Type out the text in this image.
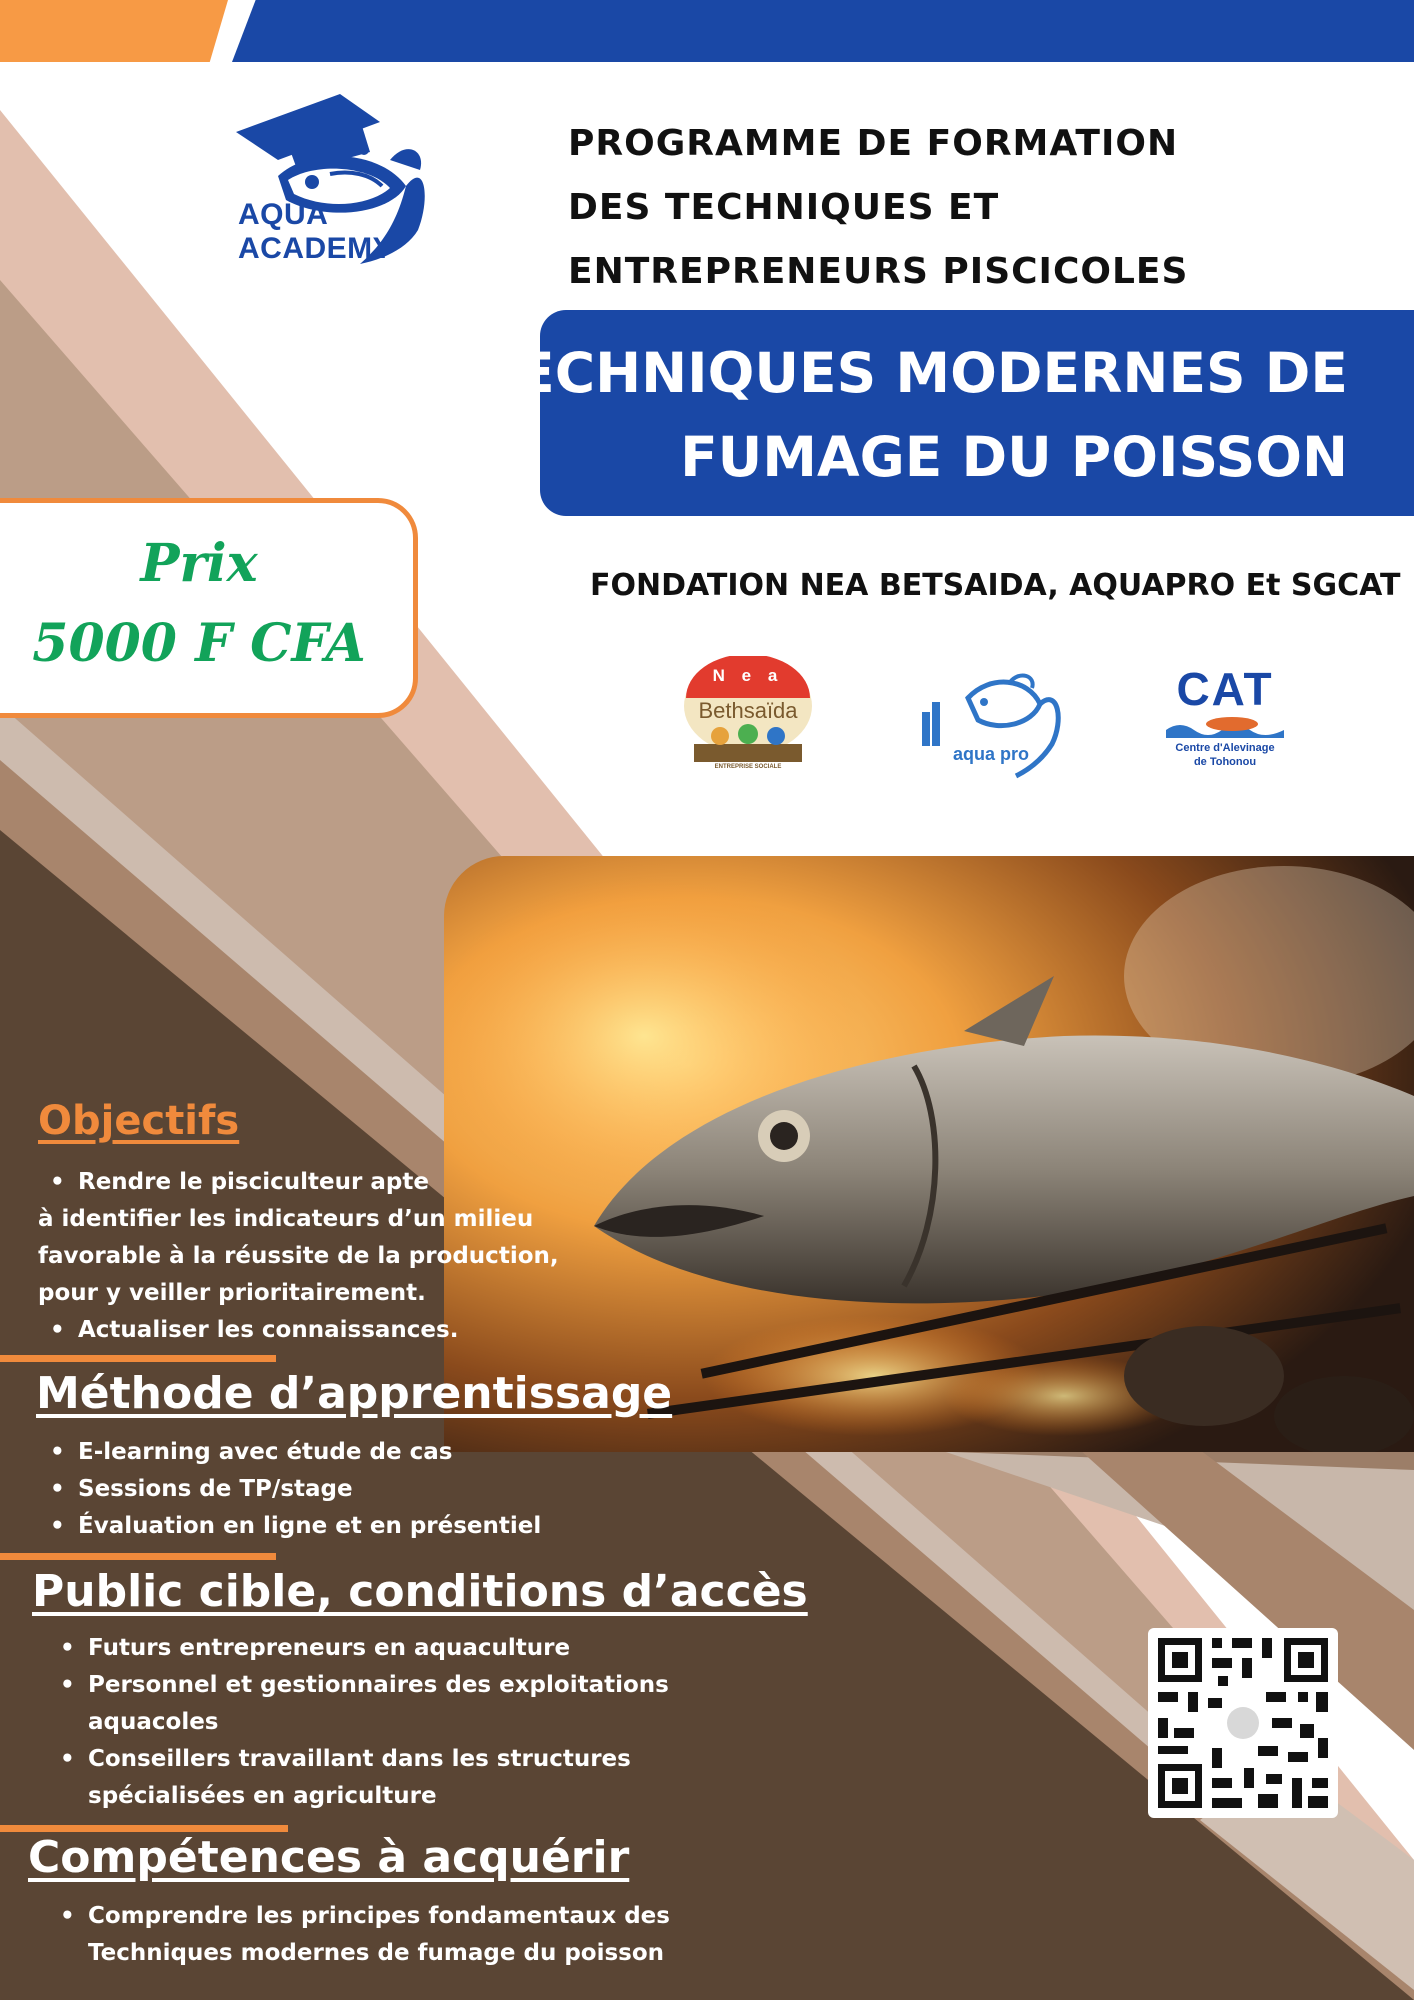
AQUA
ACADEMY
PROGRAMME DE FORMATION
DES TECHNIQUES ET
ENTREPRENEURS PISCICOLES
TECHNIQUES MODERNES DE
FUMAGE DU POISSON
Prix
5000 F CFA
FONDATION NEA BETSAIDA, AQUAPRO Et SGCAT
N e a
Bethsaïda
ENTREPRISE SOCIALE
aqua pro
CAT
Centre d'Alevinage
de Tohonou
Objectifs
• Rendre le pisciculteur apte
à identifier les indicateurs d’un milieu
favorable à la réussite de la production,
pour y veiller prioritairement.
• Actualiser les connaissances.
Méthode d’apprentissage
• E-learning avec étude de cas
• Sessions de TP/stage
• Évaluation en ligne et en présentiel
Public cible, conditions d’accès
• Futurs entrepreneurs en aquaculture
• Personnel et gestionnaires des exploitations
aquacoles
• Conseillers travaillant dans les structures
spécialisées en agriculture
Compétences à acquérir
• Comprendre les principes fondamentaux des
Techniques modernes de fumage du poisson
